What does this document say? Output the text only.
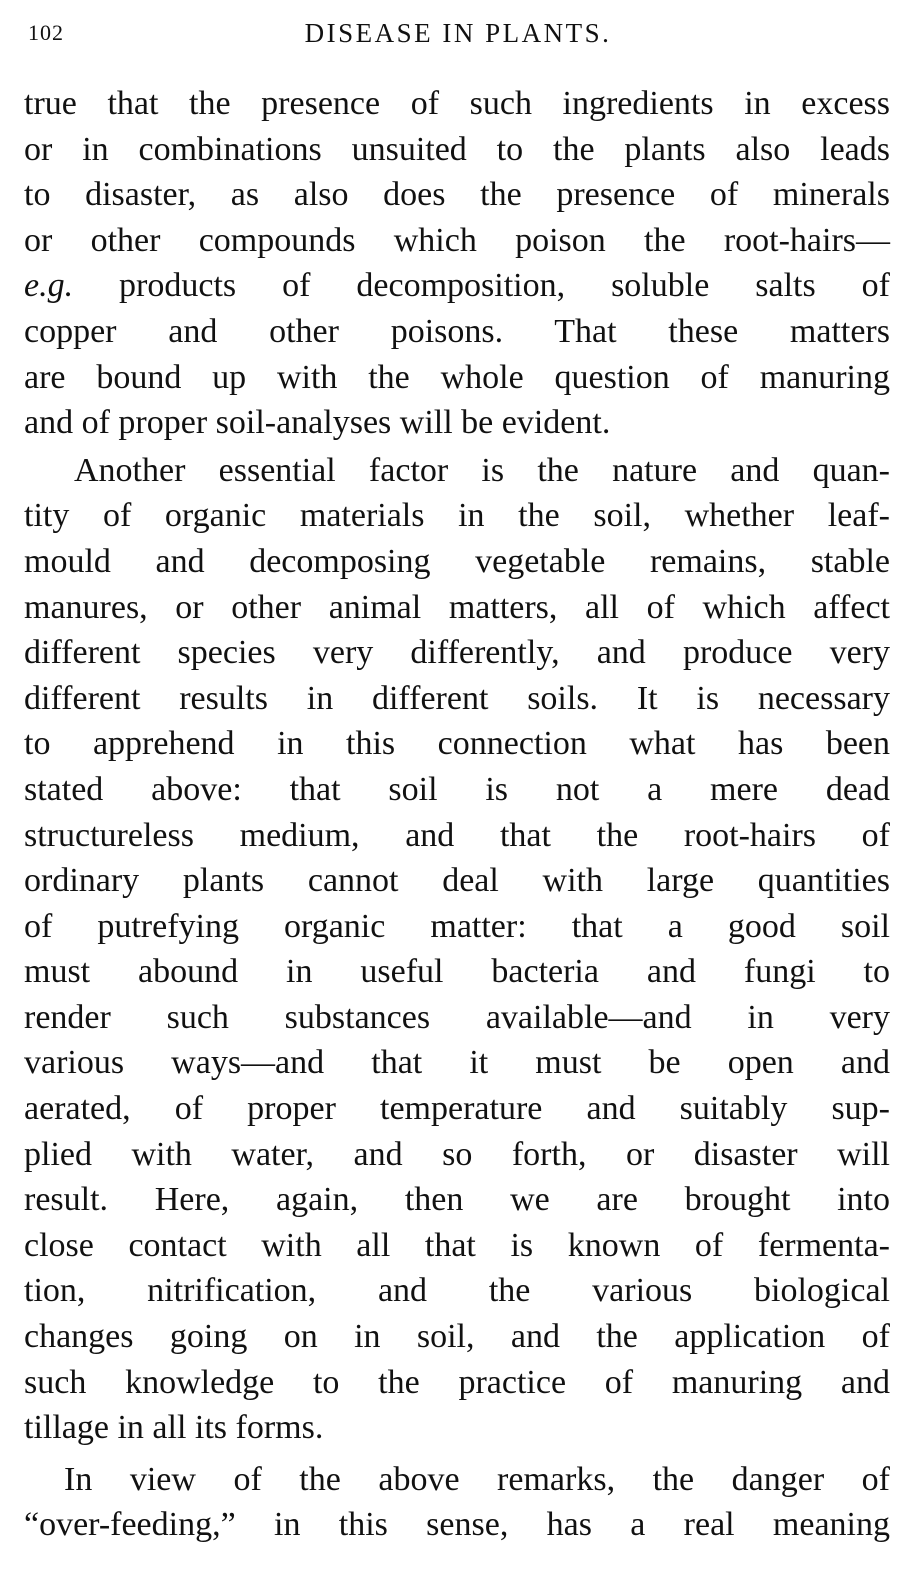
102	DISEASE IN PLANTS.
true that the presence of such ingredients in excess
or in combinations unsuited to the plants also leads
to disaster, as also does the presence of minerals
or other compounds which poison the root-hairs—
e.g. products of decomposition, soluble salts of
copper and other poisons. That these matters
are bound up with the whole question of manuring
and of proper soil-analyses will be evident.
Another essential factor is the nature and quan-
tity of organic materials in the soil, whether leaf-
mould and decomposing vegetable remains, stable
manures, or other animal matters, all of which affect
different species very differently, and produce very
different results in different soils. It is necessary
to apprehend in this connection what has been
stated above: that soil is not a mere dead
structureless medium, and that the root-hairs of
ordinary plants cannot deal with large quantities
of putrefying organic matter: that a good soil
must abound in useful bacteria and fungi to
render such substances available—and in very
various ways—and that it must be open and
aerated, of proper temperature and suitably sup-
plied with water, and so forth, or disaster will
result. Here, again, then we are brought into
close contact with all that is known of fermenta-
tion, nitrification, and the various biological
changes going on in soil, and the application of
such knowledge to the practice of manuring and
tillage in all its forms.
In view of the above remarks, the danger of
“over-feeding,” in this sense, has a real meaning
